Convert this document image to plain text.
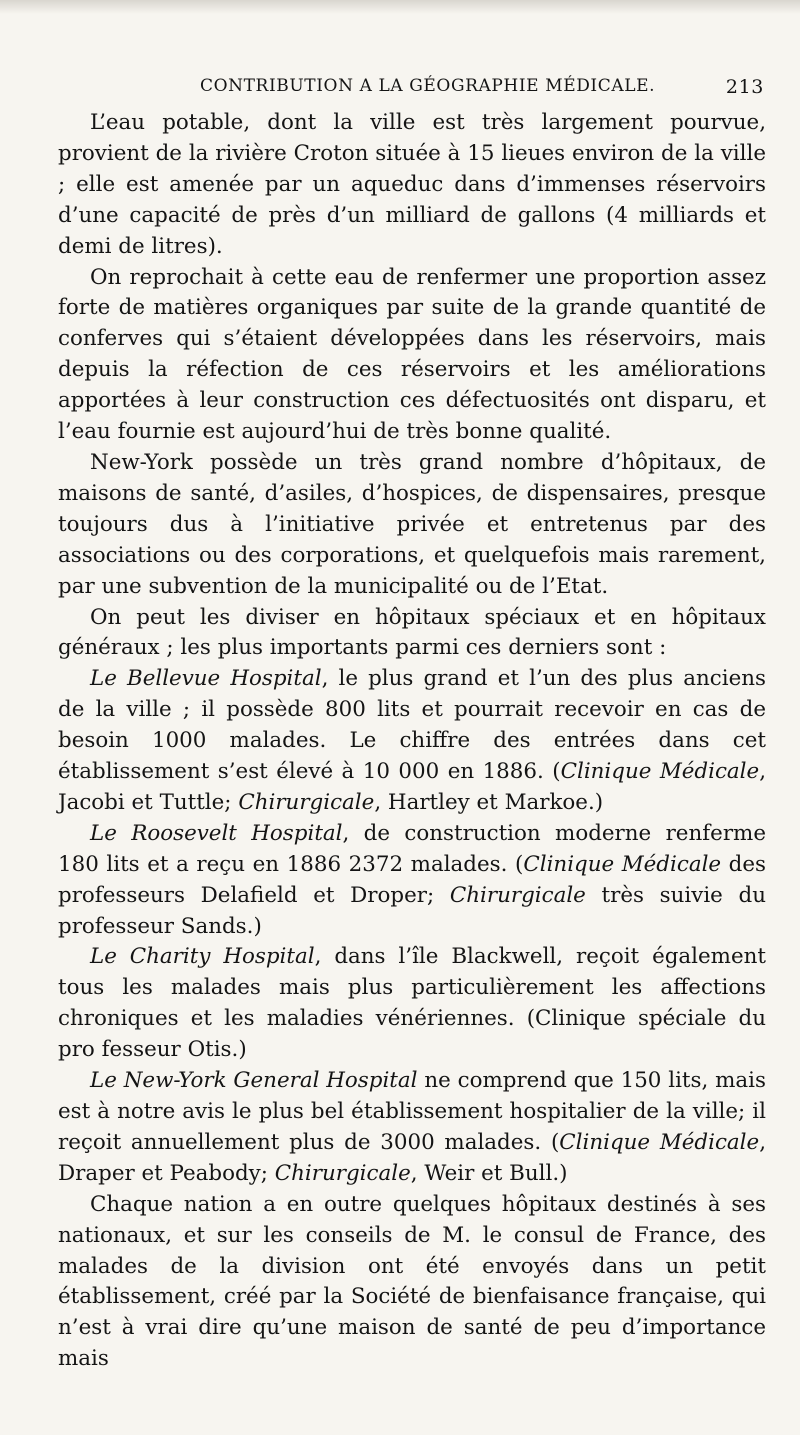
CONTRIBUTION A LA GÉOGRAPHIE MÉDICALE.	213

L’eau potable, dont la ville est très largement pourvue, provient de la rivière Croton située à 15 lieues environ de la ville ; elle est amenée par un aqueduc dans d’immenses réservoirs d’une capacité de près d’un milliard de gallons (4 milliards et demi de litres).

On reprochait à cette eau de renfermer une proportion assez forte de matières organiques par suite de la grande quantité de conferves qui s’étaient développées dans les réservoirs, mais depuis la réfection de ces réservoirs et les améliorations apportées à leur construction ces défectuosités ont disparu, et l’eau fournie est aujourd’hui de très bonne qualité.

New-York possède un très grand nombre d’hôpitaux, de maisons de santé, d’asiles, d’hospices, de dispensaires, presque toujours dus à l’initiative privée et entretenus par des associations ou des corporations, et quelquefois mais rarement, par une subvention de la municipalité ou de l’Etat.

On peut les diviser en hôpitaux spéciaux et en hôpitaux généraux ; les plus importants parmi ces derniers sont :

Le Bellevue Hospital, le plus grand et l’un des plus anciens de la ville ; il possède 800 lits et pourrait recevoir en cas de besoin 1000 malades. Le chiffre des entrées dans cet établissement s’est élevé à 10 000 en 1886. (Clinique Médicale, Jacobi et Tuttle; Chirurgicale, Hartley et Markoe.)

Le Roosevelt Hospital, de construction moderne renferme 180 lits et a reçu en 1886 2372 malades. (Clinique Médicale des professeurs Delafield et Droper; Chirurgicale très suivie du professeur Sands.)

Le Charity Hospital, dans l’île Blackwell, reçoit également tous les malades mais plus particulièrement les affections chroniques et les maladies vénériennes. (Clinique spéciale du pro fesseur Otis.)

Le New-York General Hospital ne comprend que 150 lits, mais est à notre avis le plus bel établissement hospitalier de la ville; il reçoit annuellement plus de 3000 malades. (Clinique Médicale, Draper et Peabody; Chirurgicale, Weir et Bull.)

Chaque nation a en outre quelques hôpitaux destinés à ses nationaux, et sur les conseils de M. le consul de France, des malades de la division ont été envoyés dans un petit établissement, créé par la Société de bienfaisance française, qui n’est à vrai dire qu’une maison de santé de peu d’importance mais
